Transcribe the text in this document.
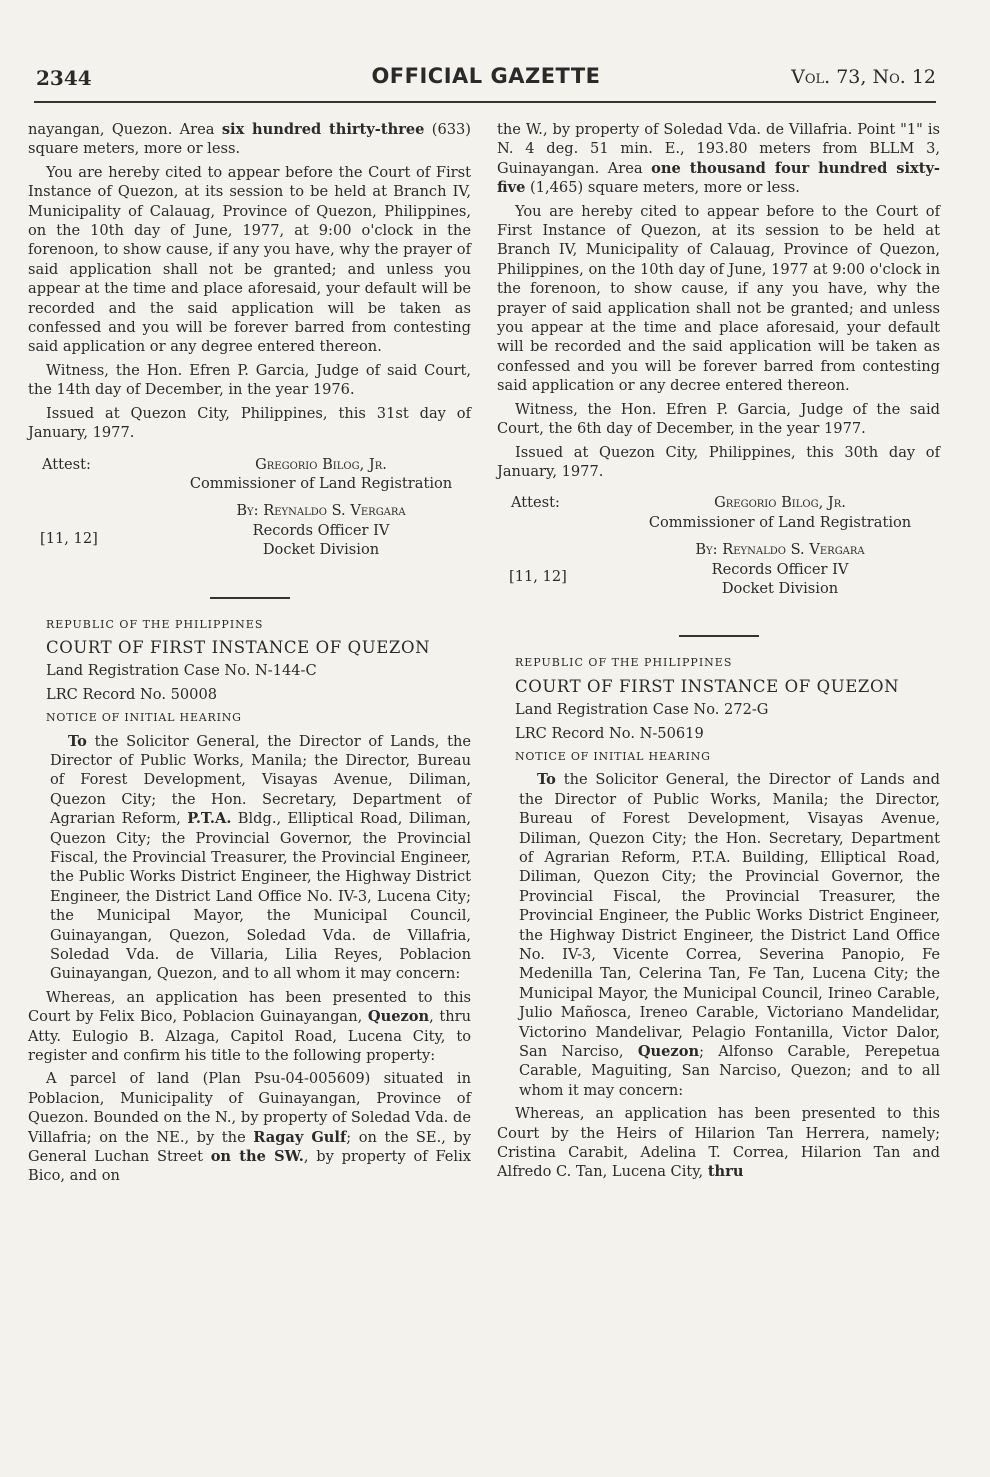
2344	OFFICIAL GAZETTE	Vol. 73, No. 12

nayangan, Quezon. Area six hundred thirty-three (633) square meters, more or less.

You are hereby cited to appear before the Court of First Instance of Quezon, at its session to be held at Branch IV, Municipality of Calauag, Province of Quezon, Philippines, on the 10th day of June, 1977, at 9:00 o'clock in the forenoon, to show cause, if any you have, why the prayer of said application shall not be granted; and unless you appear at the time and place aforesaid, your default will be recorded and the said application will be taken as confessed and you will be forever barred from contesting said application or any degree entered thereon.

Witness, the Hon. Efren P. Garcia, Judge of said Court, the 14th day of December, in the year 1976.

Issued at Quezon City, Philippines, this 31st day of January, 1977.

Attest:	Gregorio Bilog, Jr.
Commissioner of Land Registration
By: Reynaldo S. Vergara
Records Officer IV
Docket Division
[11, 12]

REPUBLIC OF THE PHILIPPINES

COURT OF FIRST INSTANCE OF QUEZON

Land Registration Case No. N-144-C

LRC Record No. 50008

NOTICE OF INITIAL HEARING

To the Solicitor General, the Director of Lands, the Director of Public Works, Manila; the Director, Bureau of Forest Development, Visayas Avenue, Diliman, Quezon City; the Hon. Secretary, Department of Agrarian Reform, P.T.A. Bldg., Elliptical Road, Diliman, Quezon City; the Provincial Governor, the Provincial Fiscal, the Provincial Treasurer, the Provincial Engineer, the Public Works District Engineer, the Highway District Engineer, the District Land Office No. IV-3, Lucena City; the Municipal Mayor, the Municipal Council, Guinayangan, Quezon, Soledad Vda. de Villafria, Soledad Vda. de Villaria, Lilia Reyes, Poblacion Guinayangan, Quezon, and to all whom it may concern:

Whereas, an application has been presented to this Court by Felix Bico, Poblacion Guinayangan, Quezon, thru Atty. Eulogio B. Alzaga, Capitol Road, Lucena City, to register and confirm his title to the following property:

A parcel of land (Plan Psu-04-005609) situated in Poblacion, Municipality of Guinayangan, Province of Quezon. Bounded on the N., by property of Soledad Vda. de Villafria; on the NE., by the Ragay Gulf; on the SE., by General Luchan Street on the SW., by property of Felix Bico, and on

the W., by property of Soledad Vda. de Villafria. Point "1" is N. 4 deg. 51 min. E., 193.80 meters from BLLM 3, Guinayangan. Area one thousand four hundred sixty-five (1,465) square meters, more or less.

You are hereby cited to appear before to the Court of First Instance of Quezon, at its session to be held at Branch IV, Municipality of Calauag, Province of Quezon, Philippines, on the 10th day of June, 1977 at 9:00 o'clock in the forenoon, to show cause, if any you have, why the prayer of said application shall not be granted; and unless you appear at the time and place aforesaid, your default will be recorded and the said application will be taken as confessed and you will be forever barred from contesting said application or any decree entered thereon.

Witness, the Hon. Efren P. Garcia, Judge of the said Court, the 6th day of December, in the year 1977.

Issued at Quezon City, Philippines, this 30th day of January, 1977.

Attest:	Gregorio Bilog, Jr.
Commissioner of Land Registration
By: Reynaldo S. Vergara
Records Officer IV
Docket Division
[11, 12]

REPUBLIC OF THE PHILIPPINES

COURT OF FIRST INSTANCE OF QUEZON

Land Registration Case No. 272-G

LRC Record No. N-50619

NOTICE OF INITIAL HEARING

To the Solicitor General, the Director of Lands and the Director of Public Works, Manila; the Director, Bureau of Forest Development, Visayas Avenue, Diliman, Quezon City; the Hon. Secretary, Department of Agrarian Reform, P.T.A. Building, Elliptical Road, Diliman, Quezon City; the Provincial Governor, the Provincial Fiscal, the Provincial Treasurer, the Provincial Engineer, the Public Works District Engineer, the Highway District Engineer, the District Land Office No. IV-3, Vicente Correa, Severina Panopio, Fe Medenilla Tan, Celerina Tan, Fe Tan, Lucena City; the Municipal Mayor, the Municipal Council, Irineo Carable, Julio Mañosca, Ireneo Carable, Victoriano Mandelidar, Victorino Mandelivar, Pelagio Fontanilla, Victor Dalor, San Narciso, Quezon; Alfonso Carable, Perepetua Carable, Maguiting, San Narciso, Quezon; and to all whom it may concern:

Whereas, an application has been presented to this Court by the Heirs of Hilarion Tan Herrera, namely; Cristina Carabit, Adelina T. Correa, Hilarion Tan and Alfredo C. Tan, Lucena City, thru
